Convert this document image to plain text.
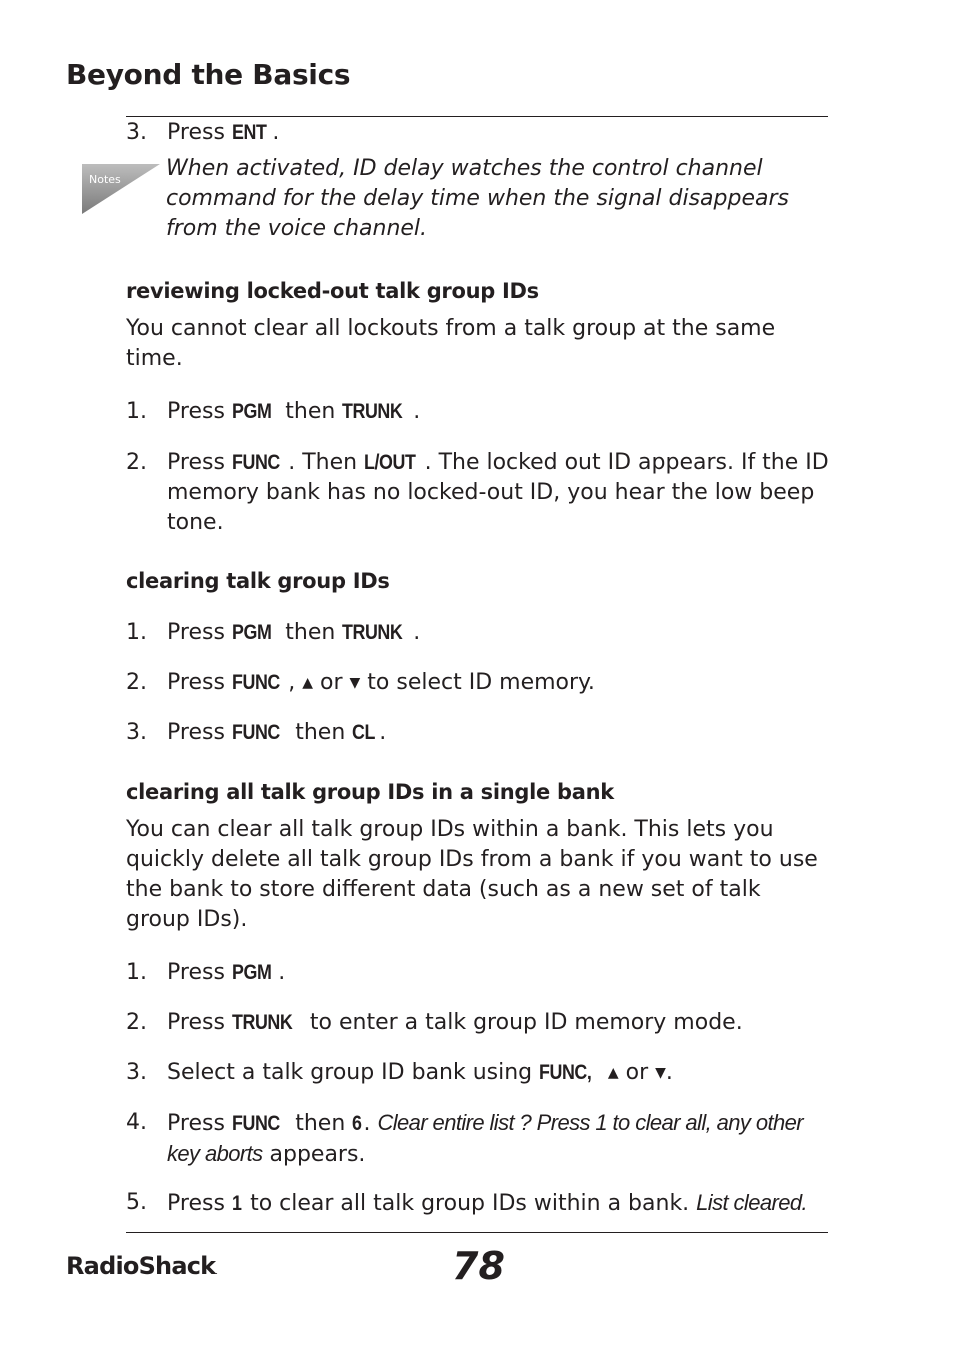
Beyond the Basics
3. Press ENT .
Notes When activated, ID delay watches the control channel command for the delay time when the signal disappears from the voice channel.
reviewing locked-out talk group IDs
You cannot clear all lockouts from a talk group at the same time.
1. Press PGM then TRUNK .
2. Press FUNC . Then L/OUT . The locked out ID appears. If the ID memory bank has no locked-out ID, you hear the low beep tone.
clearing talk group IDs
1. Press PGM then TRUNK .
2. Press FUNC , ▲ or ▼ to select ID memory.
3. Press FUNC then CL .
clearing all talk group IDs in a single bank
You can clear all talk group IDs within a bank. This lets you quickly delete all talk group IDs from a bank if you want to use the bank to store different data (such as a new set of talk group IDs).
1. Press PGM .
2. Press TRUNK to enter a talk group ID memory mode.
3. Select a talk group ID bank using FUNC, ▲ or ▼.
4. Press FUNC then 6. Clear entire list ? Press 1 to clear all, any other key aborts appears.
5. Press 1 to clear all talk group IDs within a bank. List cleared.
RadioShack.	78
